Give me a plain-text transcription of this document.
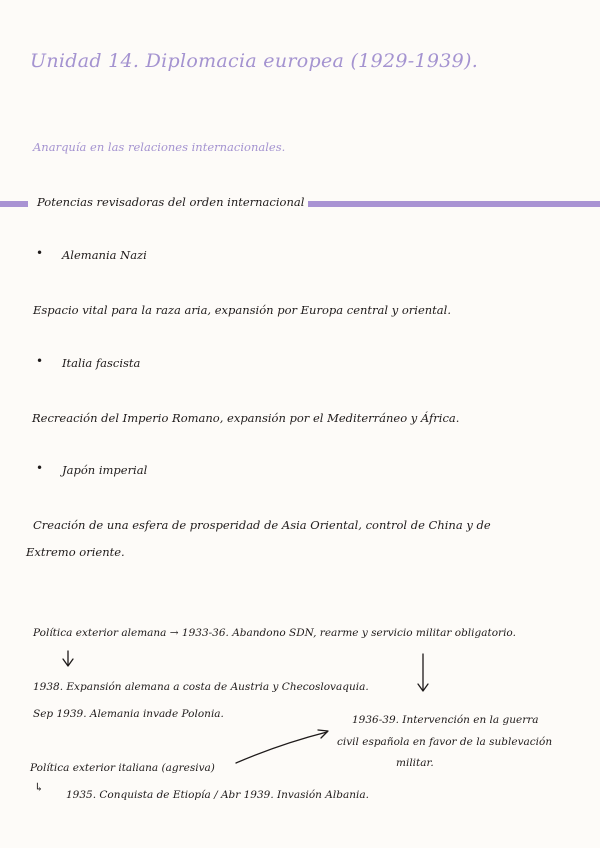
Unidad 14. Diplomacia europea (1929-1939).
Anarquía en las relaciones internacionales.
Potencias revisadoras del orden internacional
• Alemania Nazi
Espacio vital para la raza aria, expansión por Europa central y oriental.
• Italia fascista
Recreación del Imperio Romano, expansión por el Mediterráneo y África.
• Japón imperial
Creación de una esfera de prosperidad de Asia Oriental, control de China y de
Extremo oriente.
Política exterior alemana → 1933-36. Abandono SDN, rearme y servicio militar obligatorio.
1938. Expansión alemana a costa de Austria y Checoslovaquia.
Sep 1939. Alemania invade Polonia.	1936-39. Intervención en la guerra
civil española en favor de la sublevación
militar.
Política exterior italiana (agresiva)
↳
1935. Conquista de Etiopía / Abr 1939. Invasión Albania.
